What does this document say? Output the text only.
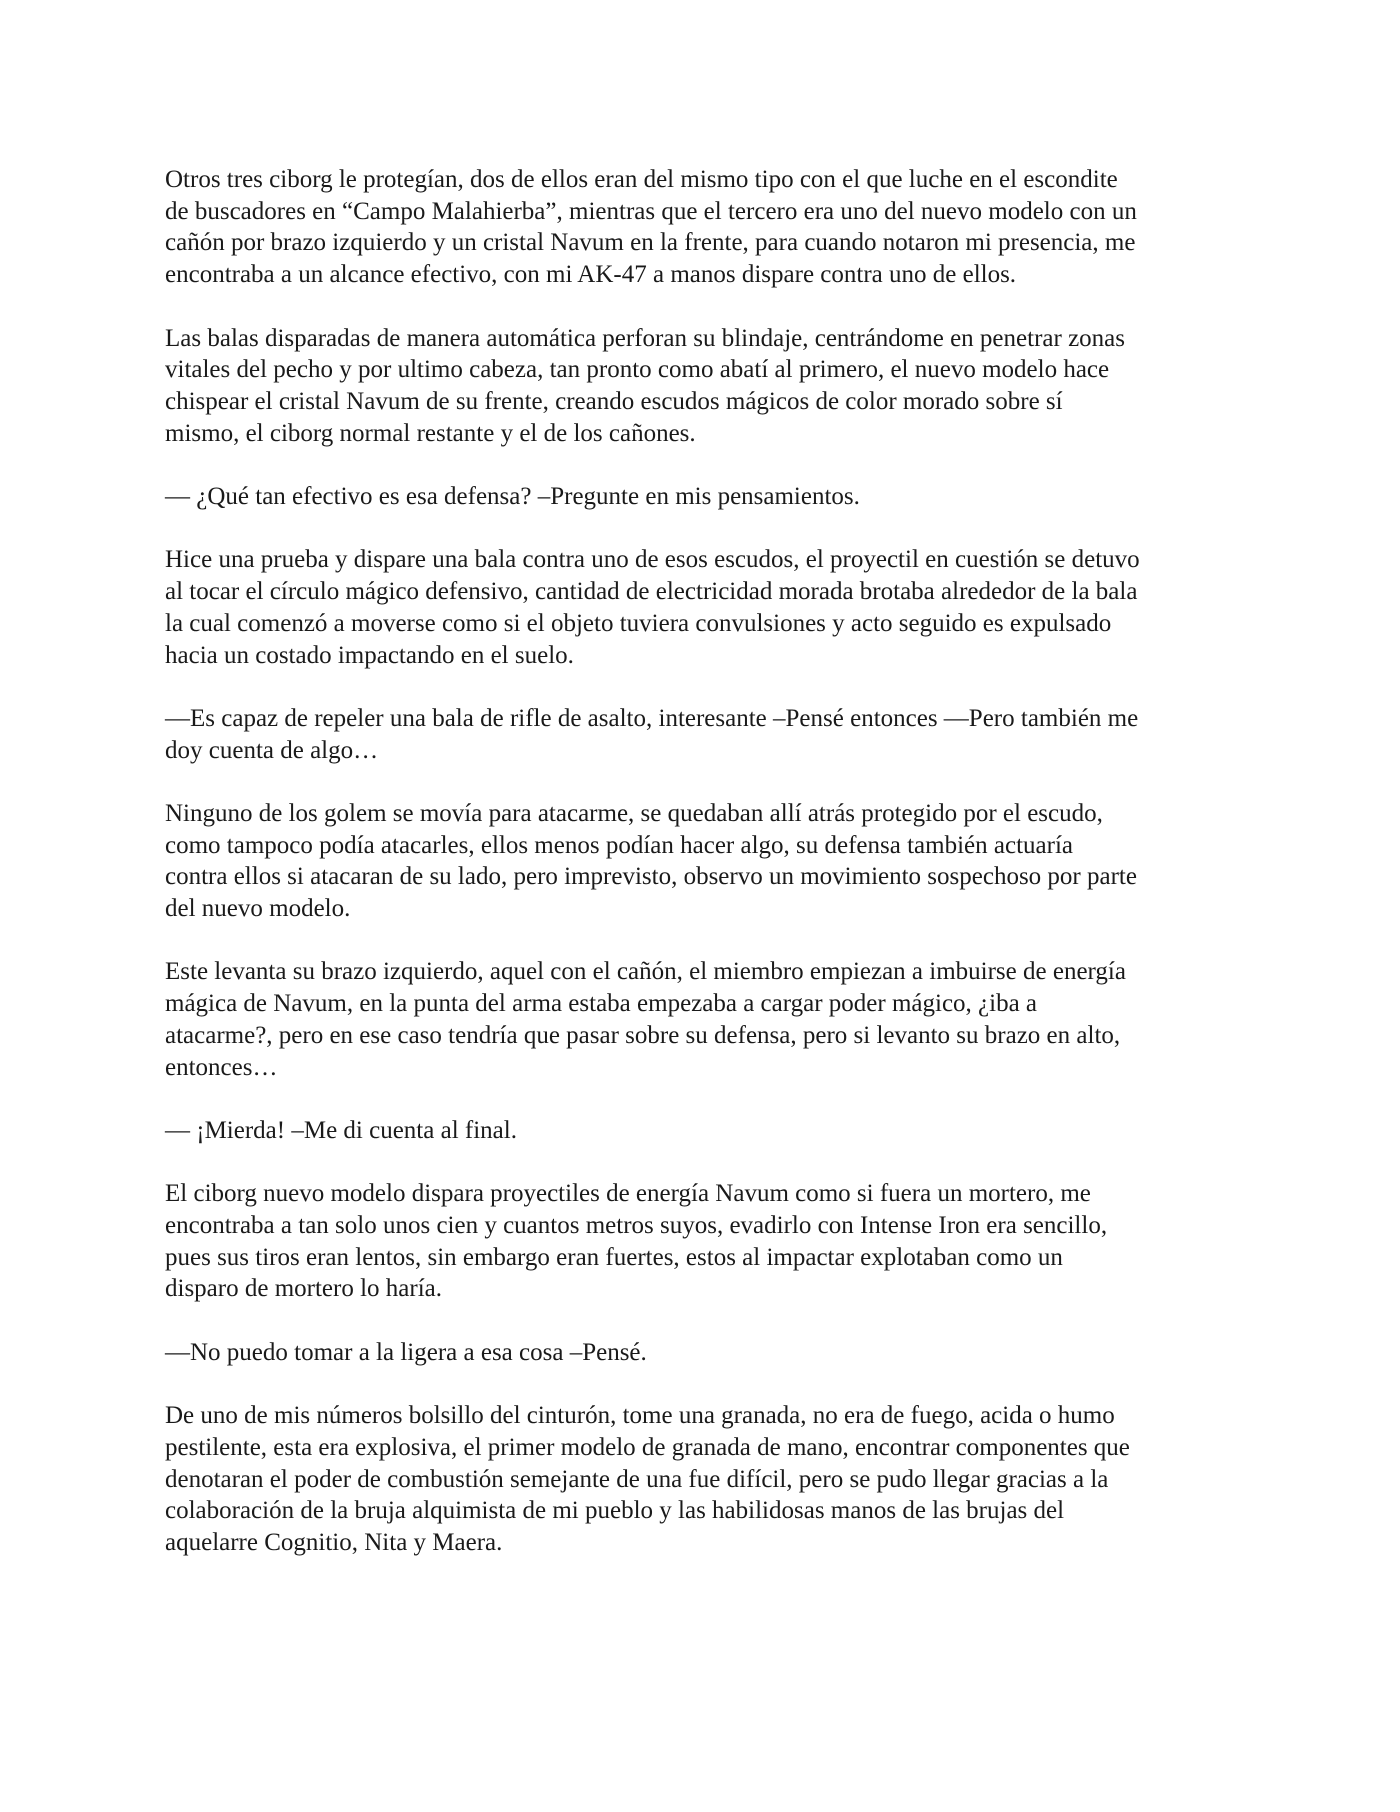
Otros tres ciborg le protegían, dos de ellos eran del mismo tipo con el que luche en el escondite
de buscadores en “Campo Malahierba”, mientras que el tercero era uno del nuevo modelo con un
cañón por brazo izquierdo y un cristal Navum en la frente, para cuando notaron mi presencia, me
encontraba a un alcance efectivo, con mi AK-47 a manos dispare contra uno de ellos.

Las balas disparadas de manera automática perforan su blindaje, centrándome en penetrar zonas
vitales del pecho y por ultimo cabeza, tan pronto como abatí al primero, el nuevo modelo hace
chispear el cristal Navum de su frente, creando escudos mágicos de color morado sobre sí
mismo, el ciborg normal restante y el de los cañones.

— ¿Qué tan efectivo es esa defensa? –Pregunte en mis pensamientos.

Hice una prueba y dispare una bala contra uno de esos escudos, el proyectil en cuestión se detuvo
al tocar el círculo mágico defensivo, cantidad de electricidad morada brotaba alrededor de la bala
la cual comenzó a moverse como si el objeto tuviera convulsiones y acto seguido es expulsado
hacia un costado impactando en el suelo.

—Es capaz de repeler una bala de rifle de asalto, interesante –Pensé entonces —Pero también me
doy cuenta de algo…

Ninguno de los golem se movía para atacarme, se quedaban allí atrás protegido por el escudo,
como tampoco podía atacarles, ellos menos podían hacer algo, su defensa también actuaría
contra ellos si atacaran de su lado, pero imprevisto, observo un movimiento sospechoso por parte
del nuevo modelo.

Este levanta su brazo izquierdo, aquel con el cañón, el miembro empiezan a imbuirse de energía
mágica de Navum, en la punta del arma estaba empezaba a cargar poder mágico, ¿iba a
atacarme?, pero en ese caso tendría que pasar sobre su defensa, pero si levanto su brazo en alto,
entonces…

— ¡Mierda! –Me di cuenta al final.

El ciborg nuevo modelo dispara proyectiles de energía Navum como si fuera un mortero, me
encontraba a tan solo unos cien y cuantos metros suyos, evadirlo con Intense Iron era sencillo,
pues sus tiros eran lentos, sin embargo eran fuertes, estos al impactar explotaban como un
disparo de mortero lo haría.

—No puedo tomar a la ligera a esa cosa –Pensé.

De uno de mis números bolsillo del cinturón, tome una granada, no era de fuego, acida o humo
pestilente, esta era explosiva, el primer modelo de granada de mano, encontrar componentes que
denotaran el poder de combustión semejante de una fue difícil, pero se pudo llegar gracias a la
colaboración de la bruja alquimista de mi pueblo y las habilidosas manos de las brujas del
aquelarre Cognitio, Nita y Maera.
